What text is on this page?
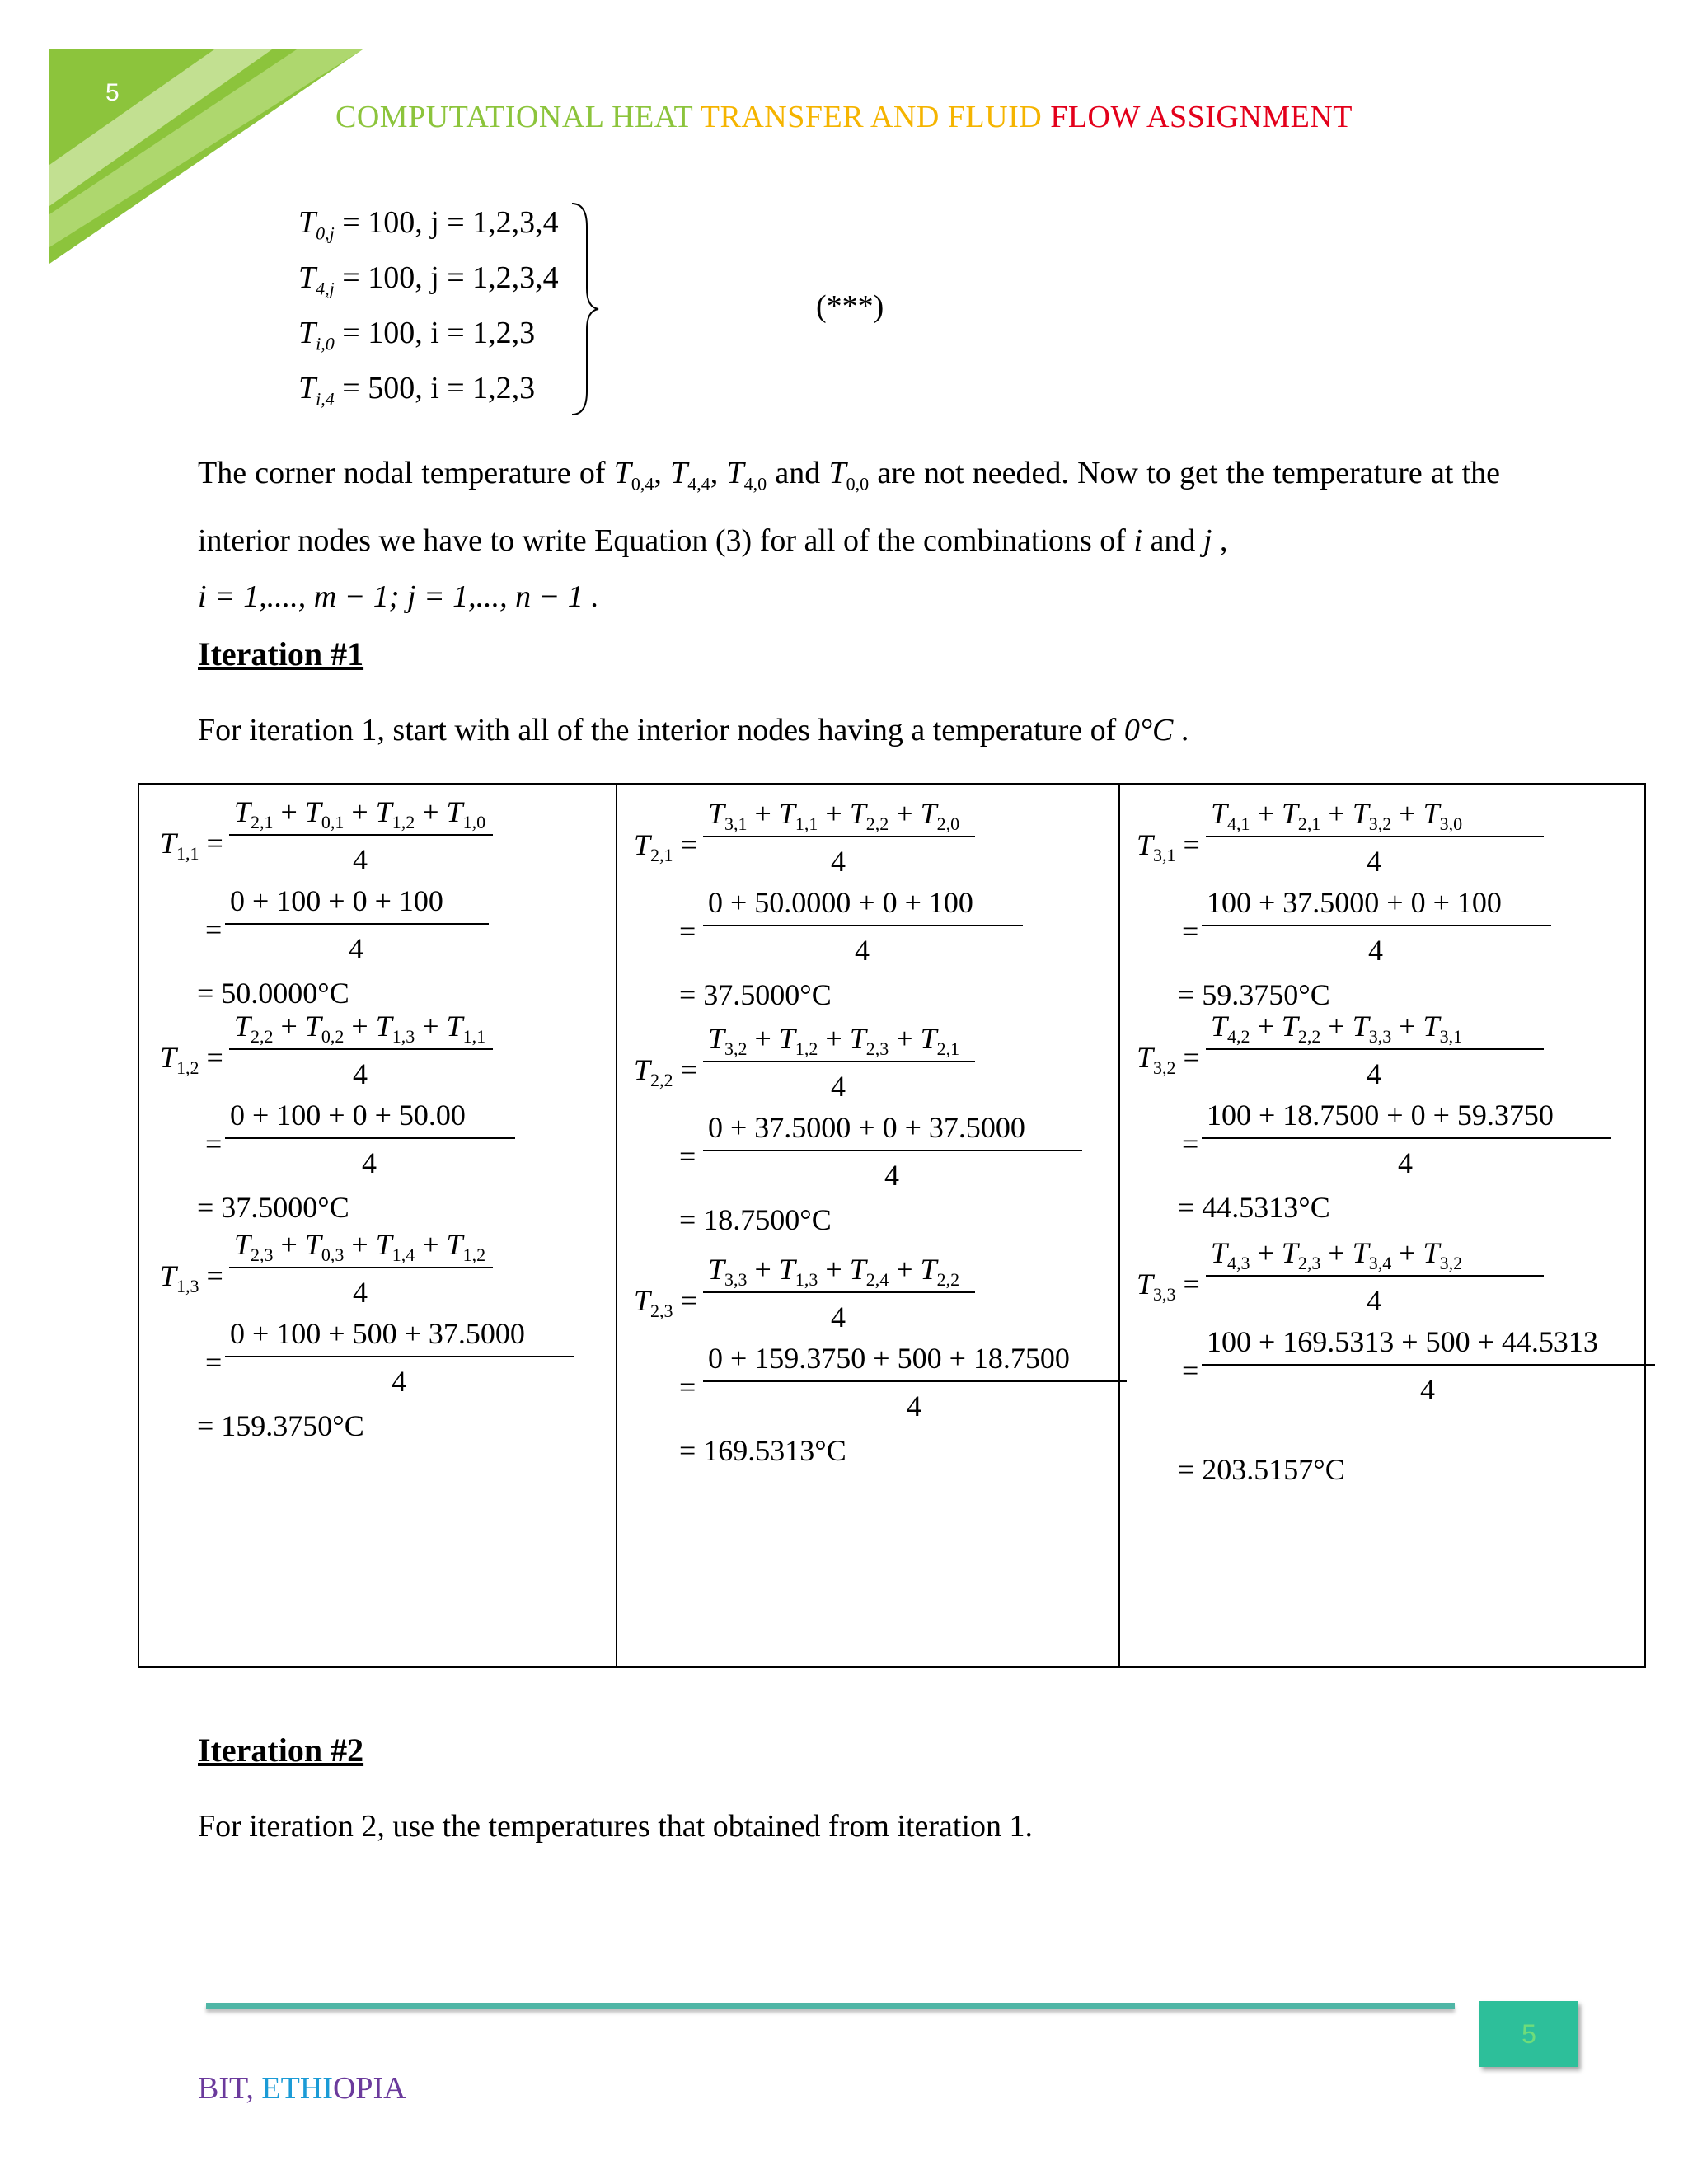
5
COMPUTATIONAL HEAT TRANSFER AND FLUID FLOW ASSIGNMENT
$T_{0,j} = 100$, j = 1,2,3,4
$T_{4,j} = 100$, j = 1,2,3,4
$T_{i,0} = 100$, i = 1,2,3
$T_{i,4} = 500$, i = 1,2,3
(***)
The corner nodal temperature of $T_{0,4}$, $T_{4,4}$, $T_{4,0}$ and $T_{0,0}$ are not needed. Now to get the temperature at the interior nodes we have to write Equation (3) for all of the combinations of i and j ,
i = 1,...., m − 1; j = 1,..., n − 1 .
Iteration #1
For iteration 1, start with all of the interior nodes having a temperature of 0°C .
$T_{1,1}$ =
$T_{2,1} + T_{0,1} + T_{1,2} + T_{1,0}$
4
=
0 + 100 + 0 + 100
4
= 50.0000°C
$T_{1,2}$ =
$T_{2,2} + T_{0,2} + T_{1,3} + T_{1,1}$
4
=
0 + 100 + 0 + 50.00
4
= 37.5000°C
$T_{1,3}$ =
$T_{2,3} + T_{0,3} + T_{1,4} + T_{1,2}$
4
=
0 + 100 + 500 + 37.5000
4
= 159.3750°C

$T_{2,1}$ =
$T_{3,1} + T_{1,1} + T_{2,2} + T_{2,0}$
4
=
0 + 50.0000 + 0 + 100
4
= 37.5000°C
$T_{2,2}$ =
$T_{3,2} + T_{1,2} + T_{2,3} + T_{2,1}$
4
=
0 + 37.5000 + 0 + 37.5000
4
= 18.7500°C
$T_{2,3}$ =
$T_{3,3} + T_{1,3} + T_{2,4} + T_{2,2}$
4
=
0 + 159.3750 + 500 + 18.7500
4
= 169.5313°C

$T_{3,1}$ =
$T_{4,1} + T_{2,1} + T_{3,2} + T_{3,0}$
4
=
100 + 37.5000 + 0 + 100
4
= 59.3750°C
$T_{3,2}$ =
$T_{4,2} + T_{2,2} + T_{3,3} + T_{3,1}$
4
=
100 + 18.7500 + 0 + 59.3750
4
= 44.5313°C
$T_{3,3}$ =
$T_{4,3} + T_{2,3} + T_{3,4} + T_{3,2}$
4
=
100 + 169.5313 + 500 + 44.5313
4
= 203.5157°C
Iteration #2
For iteration 2, use the temperatures that obtained from iteration 1.
5
BIT, ETHIOPIA
